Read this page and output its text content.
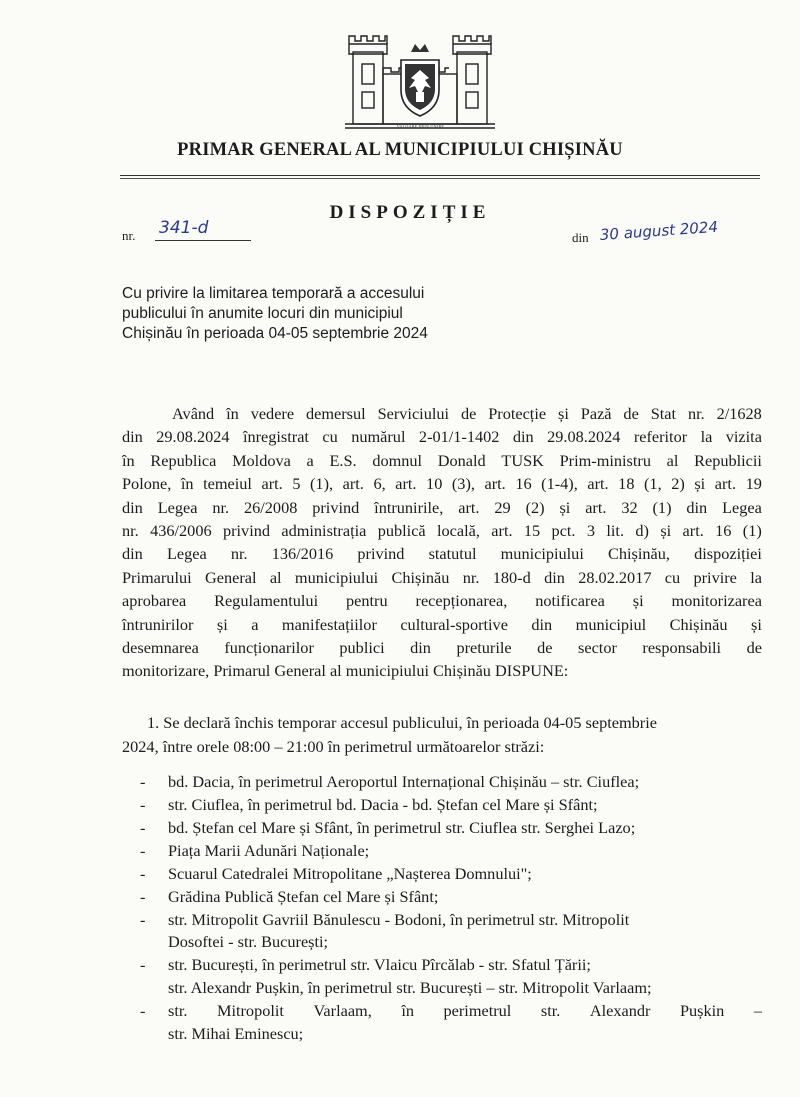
VALOARE PRIN UNIRE
PRIMAR GENERAL AL MUNICIPIULUI CHIȘINĂU
DISPOZIȚIE
nr. 341-d	din 30 august 2024
Cu privire la limitarea temporară a accesului
publicului în anumite locuri din municipiul
Chișinău în perioada 04-05 septembrie 2024
Având în vedere demersul Serviciului de Protecție și Pază de Stat nr. 2/1628
din 29.08.2024 înregistrat cu numărul 2-01/1-1402 din 29.08.2024 referitor la vizita
în Republica Moldova a E.S. domnul Donald TUSK Prim-ministru al Republicii
Polone, în temeiul art. 5 (1), art. 6, art. 10 (3), art. 16 (1-4), art. 18 (1, 2) și art. 19
din Legea nr. 26/2008 privind întrunirile, art. 29 (2) și art. 32 (1) din Legea
nr. 436/2006 privind administrația publică locală, art. 15 pct. 3 lit. d) și art. 16 (1)
din Legea nr. 136/2016 privind statutul municipiului Chișinău, dispoziției
Primarului General al municipiului Chișinău nr. 180-d din 28.02.2017 cu privire la
aprobarea Regulamentului pentru recepționarea, notificarea și monitorizarea
întrunirilor și a manifestațiilor cultural-sportive din municipiul Chișinău și
desemnarea funcționarilor publici din preturile de sector responsabili de
monitorizare, Primarul General al municipiului Chișinău DISPUNE:
1. Se declară închis temporar accesul publicului, în perioada 04-05 septembrie
2024, între orele 08:00 – 21:00 în perimetrul următoarelor străzi:
-	bd. Dacia, în perimetrul Aeroportul Internațional Chișinău – str. Ciuflea;
-	str. Ciuflea, în perimetrul bd. Dacia - bd. Ștefan cel Mare și Sfânt;
-	bd. Ștefan cel Mare și Sfânt, în perimetrul str. Ciuflea str. Serghei Lazo;
-	Piața Marii Adunări Naționale;
-	Scuarul Catedralei Mitropolitane „Nașterea Domnului";
-	Grădina Publică Ștefan cel Mare și Sfânt;
-	str. Mitropolit Gavriil Bănulescu - Bodoni, în perimetrul str. Mitropolit
Dosoftei - str. București;
-	str. București, în perimetrul str. Vlaicu Pîrcălab - str. Sfatul Țării;
str. Alexandr Pușkin, în perimetrul str. București – str. Mitropolit Varlaam;
-	str. Mitropolit Varlaam, în perimetrul str. Alexandr Pușkin –
str. Mihai Eminescu;
